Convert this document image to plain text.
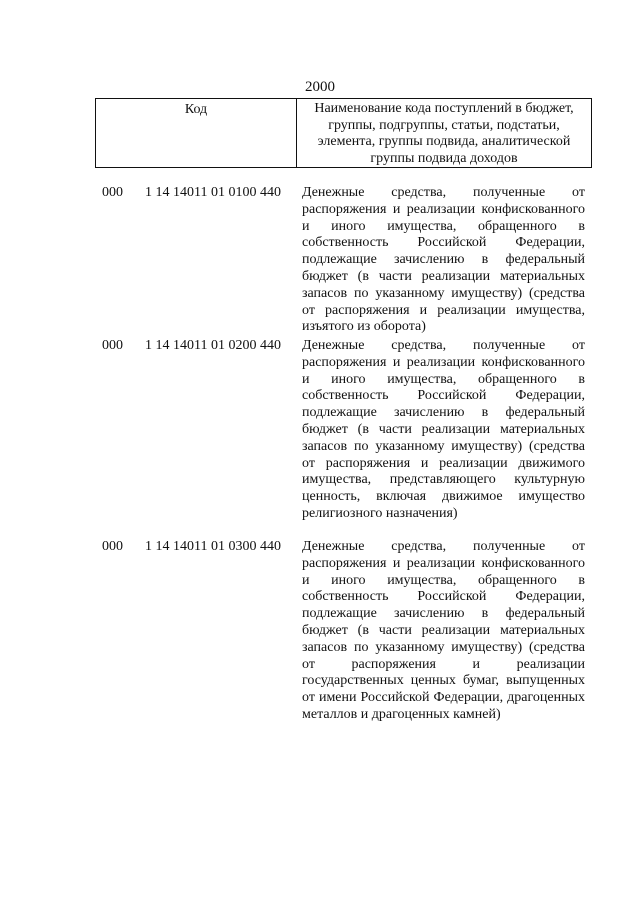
2000
Код	Наименование кода поступлений в бюджет, группы, подгруппы, статьи, подстатьи, элемента, группы подвида, аналитической группы подвида доходов
000 1 14 14011 01 0100 440 Денежные средства, полученные от распоряжения и реализации конфискованного и иного имущества, обращенного в собственность Российской Федерации, подлежащие зачислению в федеральный бюджет (в части реализации материальных запасов по указанному имуществу) (средства от распоряжения и реализации имущества, изъятого из оборота)
000 1 14 14011 01 0200 440 Денежные средства, полученные от распоряжения и реализации конфискованного и иного имущества, обращенного в собственность Российской Федерации, подлежащие зачислению в федеральный бюджет (в части реализации материальных запасов по указанному имуществу) (средства от распоряжения и реализации движимого имущества, представляющего культурную ценность, включая движимое имущество религиозного назначения)
000 1 14 14011 01 0300 440 Денежные средства, полученные от распоряжения и реализации конфискованного и иного имущества, обращенного в собственность Российской Федерации, подлежащие зачислению в федеральный бюджет (в части реализации материальных запасов по указанному имуществу) (средства от распоряжения и реализации государственных ценных бумаг, выпущенных от имени Российской Федерации, драгоценных металлов и драгоценных камней)
